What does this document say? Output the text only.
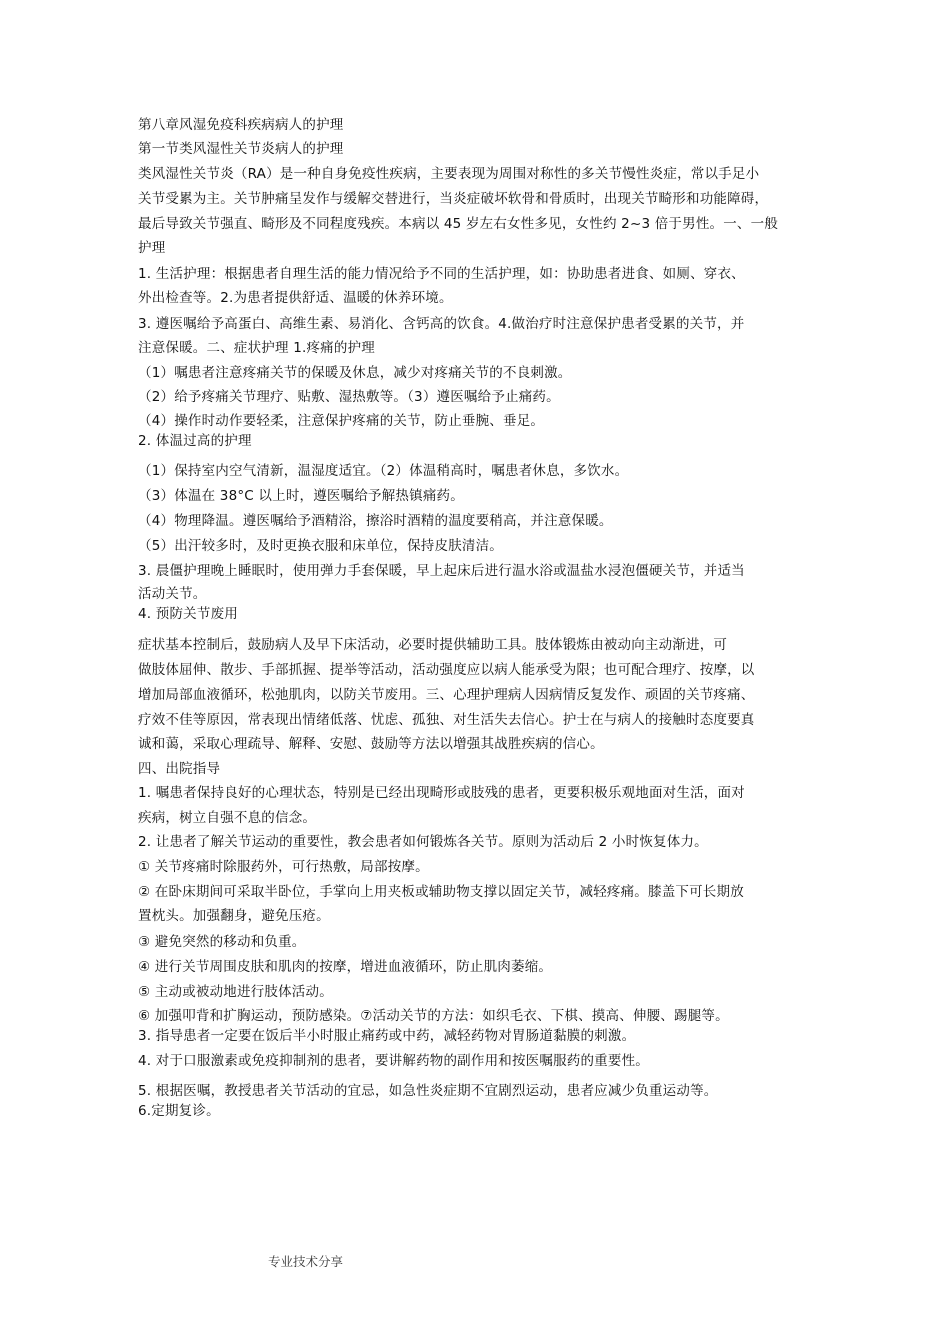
第八章风湿免疫科疾病病人的护理
第一节类风湿性关节炎病人的护理
类风湿性关节炎（RA）是一种自身免疫性疾病，主要表现为周围对称性的多关节慢性炎症，常以手足小
关节受累为主。关节肿痛呈发作与缓解交替进行，当炎症破坏软骨和骨质时，出现关节畸形和功能障碍，
最后导致关节强直、畸形及不同程度残疾。本病以 45 岁左右女性多见，女性约 2~3 倍于男性。一、一般
护理
1. 生活护理：根据患者自理生活的能力情况给予不同的生活护理，如：协助患者进食、如厕、穿衣、
外出检查等。2.为患者提供舒适、温暖的休养环境。
3. 遵医嘱给予高蛋白、高维生素、易消化、含钙高的饮食。4.做治疗时注意保护患者受累的关节，并
注意保暖。二、症状护理 1.疼痛的护理
（1）嘱患者注意疼痛关节的保暖及休息，减少对疼痛关节的不良刺激。
（2）给予疼痛关节理疗、贴敷、湿热敷等。（3）遵医嘱给予止痛药。
（4）操作时动作要轻柔，注意保护疼痛的关节，防止垂腕、垂足。
2. 体温过高的护理
（1）保持室内空气清新，温湿度适宜。（2）体温稍高时，嘱患者休息，多饮水。
（3）体温在 38°C 以上时，遵医嘱给予解热镇痛药。
（4）物理降温。遵医嘱给予酒精浴，擦浴时酒精的温度要稍高，并注意保暖。
（5）出汗较多时，及时更换衣服和床单位，保持皮肤清洁。
3. 晨僵护理晚上睡眠时，使用弹力手套保暖，早上起床后进行温水浴或温盐水浸泡僵硬关节，并适当
活动关节。
4. 预防关节废用
症状基本控制后，鼓励病人及早下床活动，必要时提供辅助工具。肢体锻炼由被动向主动渐进，可
做肢体屈伸、散步、手部抓握、提举等活动，活动强度应以病人能承受为限；也可配合理疗、按摩，以
增加局部血液循环，松弛肌肉，以防关节废用。三、心理护理病人因病情反复发作、顽固的关节疼痛、
疗效不佳等原因，常表现出情绪低落、忧虑、孤独、对生活失去信心。护士在与病人的接触时态度要真
诚和蔼，采取心理疏导、解释、安慰、鼓励等方法以增强其战胜疾病的信心。
四、出院指导
1. 嘱患者保持良好的心理状态，特别是已经出现畸形或肢残的患者，更要积极乐观地面对生活，面对
疾病，树立自强不息的信念。
2. 让患者了解关节运动的重要性，教会患者如何锻炼各关节。原则为活动后 2 小时恢复体力。
① 关节疼痛时除服药外，可行热敷，局部按摩。
② 在卧床期间可采取半卧位，手掌向上用夹板或辅助物支撑以固定关节，减轻疼痛。膝盖下可长期放
置枕头。加强翻身，避免压疮。
③ 避免突然的移动和负重。
④ 进行关节周围皮肤和肌肉的按摩，增进血液循环，防止肌肉萎缩。
⑤ 主动或被动地进行肢体活动。
⑥ 加强叩背和扩胸运动，预防感染。⑦活动关节的方法：如织毛衣、下棋、摸高、伸腰、踢腿等。
3. 指导患者一定要在饭后半小时服止痛药或中药，减轻药物对胃肠道黏膜的刺激。
4. 对于口服激素或免疫抑制剂的患者，要讲解药物的副作用和按医嘱服药的重要性。
5. 根据医嘱，教授患者关节活动的宜忌，如急性炎症期不宜剧烈运动，患者应减少负重运动等。
6.定期复诊。
专业技术分享
